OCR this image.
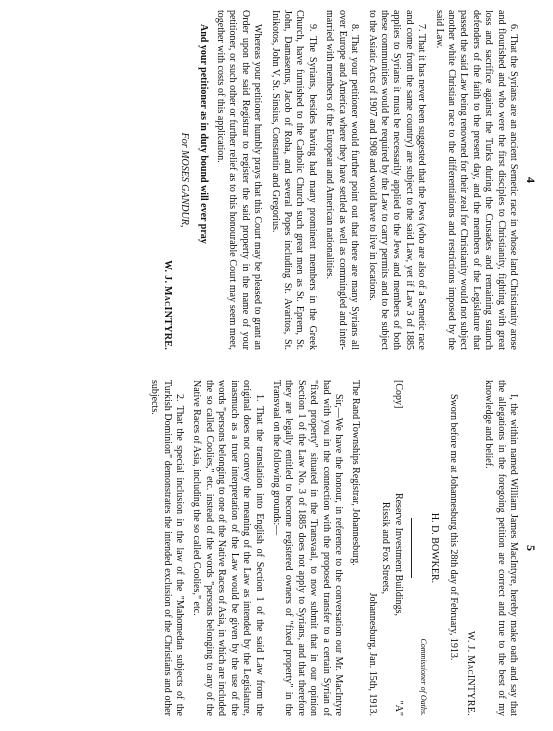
4

6. That the Syrians are an ancient Semetic race in whose land Christianity arose and flourished and who were the first disciples to Christianity, fighting with great loss and sacrifice against the Turks during the Crusades and remaining staunch defenders of the faith to the present day, and the members of the Legislature that passed the said Law being renowned for their zeal for Christianity would not subject another white Christian race to the differentiations and restrictions imposed by the said Law.

7. That it has never been suggested that the Jews (who are also of a Semetic race and come from the same country) are subject to the said Law, yet if Law 3 of 1885 applies to Syrians it must be necessarily applied to the Jews and members of both these communities would be required by the Law to carry permits and to be subject to the Asiatic Acts of 1907 and 1908 and would have to live in locations.

8. That your petitioner would further point out that there are many Syrians all over Europe and America where they have settled as well as commingled and inter-married with members of the European and American nationalities.

9. The Syrians, besides having had many prominent members in the Greek Church, have furnished to the Catholic Church such great men as St. Eprem, St. John, Damasenus, Jacob of Roha, and several Popes including St. Avaritos, St. Inikotos, John V, St. Sinsius, Constantin and Gregorius.

Whereas your petitioner humbly prays that this Court may be pleased to grant an Order upon the said Registrar to register the said property in the name of your petitioner, or such other or further relief as to this honourable Court may seem meet, together with costs of this application.

And your petitioner as in duty bound will ever pray

For MOSES GANDUR,
W. J. MacINTYRE.
5

I, the within named William James MacIntyre, hereby make oath and say that the allegations in the foregoing petition are correct and true to the best of my knowledge and belief.

W. J. MacINTYRE.

Sworn before me at Johannesburg this 28th day of February, 1913.

H. D. BOWKER.
Commissioner of Oaths.
[Copy]
Reserve Investment Buildings,
"A"
Rissik and Fox Streets,
Johannesburg, Jan. 15th, 1913.

The Rand Townships Registrar, Johannesburg.

Sir,—We have the honour, in reference to the conversation our Mr. MacIntyre had with you in the connection with the proposed transfer to a certain Syrian of "fixed property" situated in the Transvaal, to now submit that in our opinion Section 1 of the Law No. 3 of 1885 does not apply to Syrians, and that therefore they are legally entitled to become registered owners of "fixed property" in the Transvaal on the following grounds:—

1. That the translation into English of Section 1 of the said Law from the original does not convey the meaning of the Law as intended by the Legislature, inasmuch as a truer interpretation of the Law would be given by the use of the words "persons belonging to one of the Native Races of Asia, in which are included the so called Coolies," etc. instead of the words "persons belonging to any of the Native Races of Asia, including the so called Coolies," etc.

2. That the special inclusion in the law of the "Mahomedan subjects of the Turkish Dominion" demonstrates the intended exclusion of the Christians and other subjects.
